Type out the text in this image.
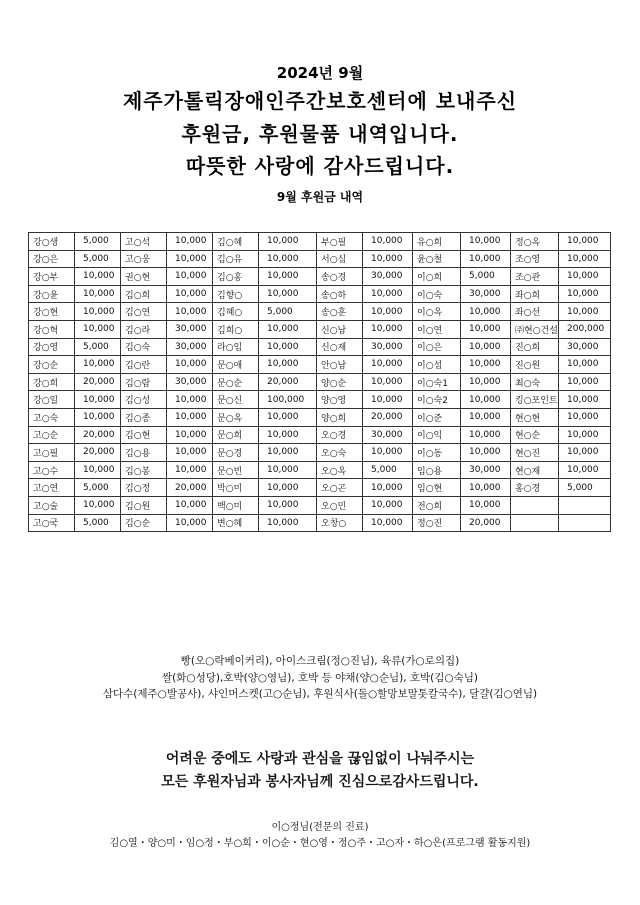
2024년 9월
제주가톨릭장애인주간보호센터에 보내주신
후원금, 후원물품 내역입니다.
따뜻한 사랑에 감사드립니다.
9월 후원금 내역
강○생	5,000	고○석	10,000	김○혜	10,000	부○필	10,000	유○희	10,000	정○옥	10,000
강○은	5,000	고○웅	10,000	김○유	10,000	서○심	10,000	윤○철	10,000	조○영	10,000
강○부	10,000	권○현	10,000	김○홍	10,000	송○경	30,000	이○희	5,000	조○관	10,000
강○윤	10,000	김○희	10,000	김향○	10,000	송○하	10,000	이○숙	30,000	좌○희	10,000
강○현	10,000	김○연	10,000	김혜○	5,000	송○훈	10,000	이○옥	10,000	좌○선	10,000
강○혁	10,000	김○라	30,000	김희○	10,000	신○남	10,000	이○연	10,000	㈜현○건설	200,000
강○영	5,000	김○숙	30,000	라○임	10,000	신○재	30,000	이○은	10,000	진○희	30,000
강○순	10,000	김○란	10,000	문○애	10,000	안○남	10,000	이○섬	10,000	진○원	10,000
강○희	20,000	김○람	30,000	문○순	20,000	양○순	10,000	이○숙1	10,000	최○숙	10,000
강○일	10,000	김○성	10,000	문○신	100,000	양○영	10,000	이○숙2	10,000	킹○포인트	10,000
고○숙	10,000	김○종	10,000	문○옥	10,000	양○희	20,000	이○준	10,000	현○현	10,000
고○순	20,000	김○현	10,000	문○희	10,000	오○경	30,000	이○익	10,000	현○순	10,000
고○필	20,000	김○용	10,000	문○경	10,000	오○숙	10,000	이○동	10,000	현○진	10,000
고○수	10,000	김○봉	10,000	문○빈	10,000	오○옥	5,000	임○용	30,000	현○재	10,000
고○연	5,000	김○정	20,000	박○미	10,000	오○곤	10,000	임○현	10,000	홍○경	5,000
고○술	10,000	김○원	10,000	백○미	10,000	오○민	10,000	전○희	10,000		
고○국	5,000	김○순	10,000	변○혜	10,000	오창○	10,000	정○진	20,000		
빵(오○락베이커리), 아이스크림(정○진님), 육류(가○로의집)
쌀(화○성당),호박(양○영님), 호박 등 야채(양○순님), 호박(김○숙님)
삼다수(제주○발공사), 샤인머스켓(고○순님), 후원식사(돌○할망보말톳칼국수), 달걀(김○연님)
어려운 중에도 사랑과 관심을 끊임없이 나눠주시는
모든 후원자님과 봉사자님께 진심으로감사드립니다.
이○정님(전문의 진료)
김○열・양○미・임○정・부○희・이○순・현○영・정○주・고○자・하○은(프로그램 활동지원)
